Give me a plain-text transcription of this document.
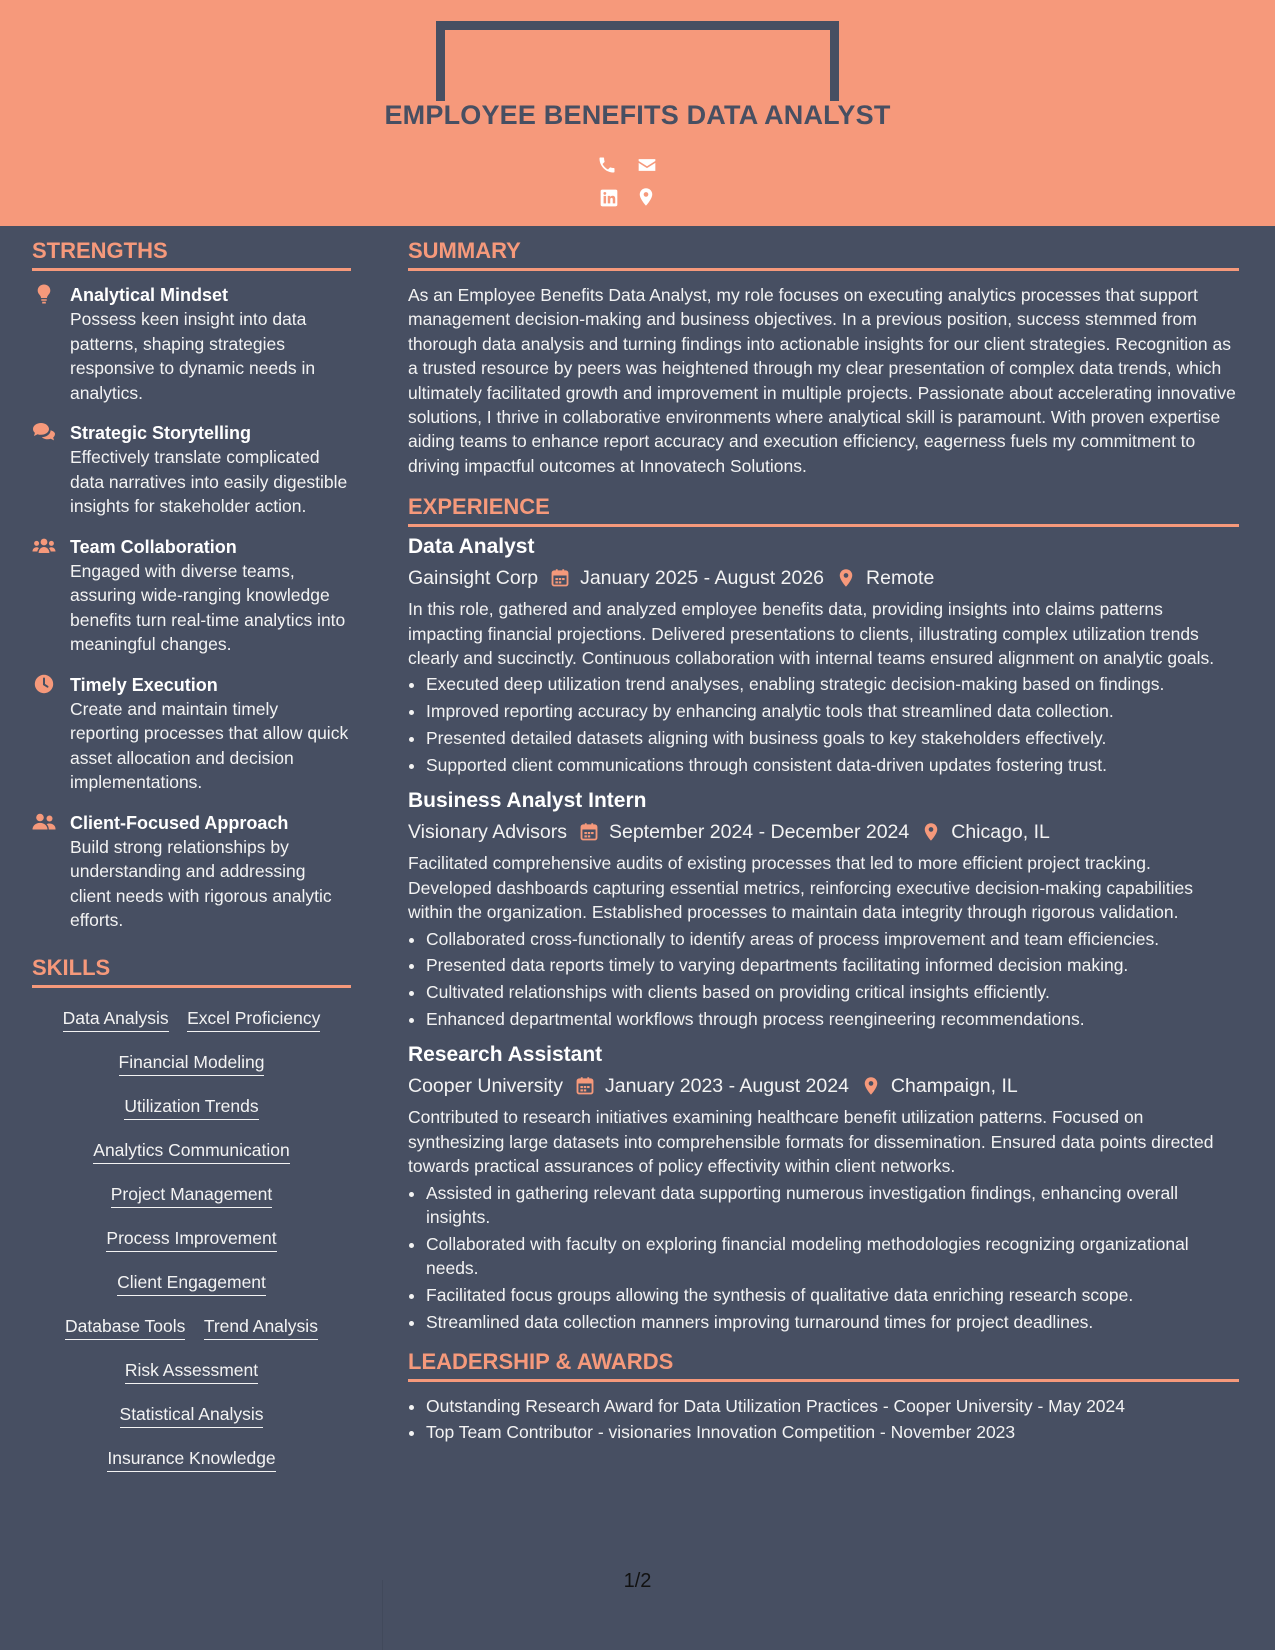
EMPLOYEE BENEFITS DATA ANALYST
STRENGTHS
Analytical Mindset
Possess keen insight into data patterns, shaping strategies responsive to dynamic needs in analytics.
Strategic Storytelling
Effectively translate complicated data narratives into easily digestible insights for stakeholder action.
Team Collaboration
Engaged with diverse teams, assuring wide-ranging knowledge benefits turn real-time analytics into meaningful changes.
Timely Execution
Create and maintain timely reporting processes that allow quick asset allocation and decision implementations.
Client-Focused Approach
Build strong relationships by understanding and addressing client needs with rigorous analytic efforts.
SKILLS
Data Analysis Excel Proficiency
Financial Modeling
Utilization Trends
Analytics Communication
Project Management
Process Improvement
Client Engagement
Database Tools Trend Analysis
Risk Assessment
Statistical Analysis
Insurance Knowledge
SUMMARY
As an Employee Benefits Data Analyst, my role focuses on executing analytics processes that support management decision-making and business objectives. In a previous position, success stemmed from thorough data analysis and turning findings into actionable insights for our client strategies. Recognition as a trusted resource by peers was heightened through my clear presentation of complex data trends, which ultimately facilitated growth and improvement in multiple projects. Passionate about accelerating innovative solutions, I thrive in collaborative environments where analytical skill is paramount. With proven expertise aiding teams to enhance report accuracy and execution efficiency, eagerness fuels my commitment to driving impactful outcomes at Innovatech Solutions.
EXPERIENCE
Data Analyst
Gainsight Corp January 2025 - August 2026 Remote
In this role, gathered and analyzed employee benefits data, providing insights into claims patterns impacting financial projections. Delivered presentations to clients, illustrating complex utilization trends clearly and succinctly. Continuous collaboration with internal teams ensured alignment on analytic goals.
• Executed deep utilization trend analyses, enabling strategic decision-making based on findings.
• Improved reporting accuracy by enhancing analytic tools that streamlined data collection.
• Presented detailed datasets aligning with business goals to key stakeholders effectively.
• Supported client communications through consistent data-driven updates fostering trust.
Business Analyst Intern
Visionary Advisors September 2024 - December 2024 Chicago, IL
Facilitated comprehensive audits of existing processes that led to more efficient project tracking. Developed dashboards capturing essential metrics, reinforcing executive decision-making capabilities within the organization. Established processes to maintain data integrity through rigorous validation.
• Collaborated cross-functionally to identify areas of process improvement and team efficiencies.
• Presented data reports timely to varying departments facilitating informed decision making.
• Cultivated relationships with clients based on providing critical insights efficiently.
• Enhanced departmental workflows through process reengineering recommendations.
Research Assistant
Cooper University January 2023 - August 2024 Champaign, IL
Contributed to research initiatives examining healthcare benefit utilization patterns. Focused on synthesizing large datasets into comprehensible formats for dissemination. Ensured data points directed towards practical assurances of policy effectivity within client networks.
• Assisted in gathering relevant data supporting numerous investigation findings, enhancing overall insights.
• Collaborated with faculty on exploring financial modeling methodologies recognizing organizational needs.
• Facilitated focus groups allowing the synthesis of qualitative data enriching research scope.
• Streamlined data collection manners improving turnaround times for project deadlines.
LEADERSHIP & AWARDS
• Outstanding Research Award for Data Utilization Practices - Cooper University - May 2024
• Top Team Contributor - visionaries Innovation Competition - November 2023
1/2
